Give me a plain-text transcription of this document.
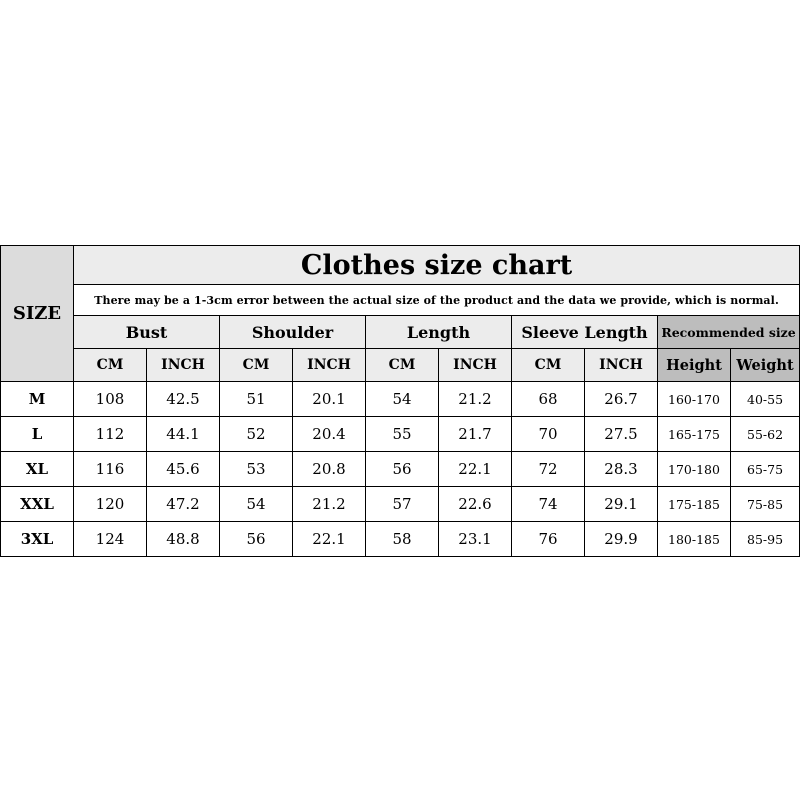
SIZE	Clothes size chart									
	There may be a 1-3cm error between the actual size of the product and the data we provide, which is normal.									
	Bust		Shoulder		Length		Sleeve Length		Recommended size	
	CM	INCH	CM	INCH	CM	INCH	CM	INCH	Height	Weight
M	108	42.5	51	20.1	54	21.2	68	26.7	160-170	40-55
L	112	44.1	52	20.4	55	21.7	70	27.5	165-175	55-62
XL	116	45.6	53	20.8	56	22.1	72	28.3	170-180	65-75
XXL	120	47.2	54	21.2	57	22.6	74	29.1	175-185	75-85
3XL	124	48.8	56	22.1	58	23.1	76	29.9	180-185	85-95
